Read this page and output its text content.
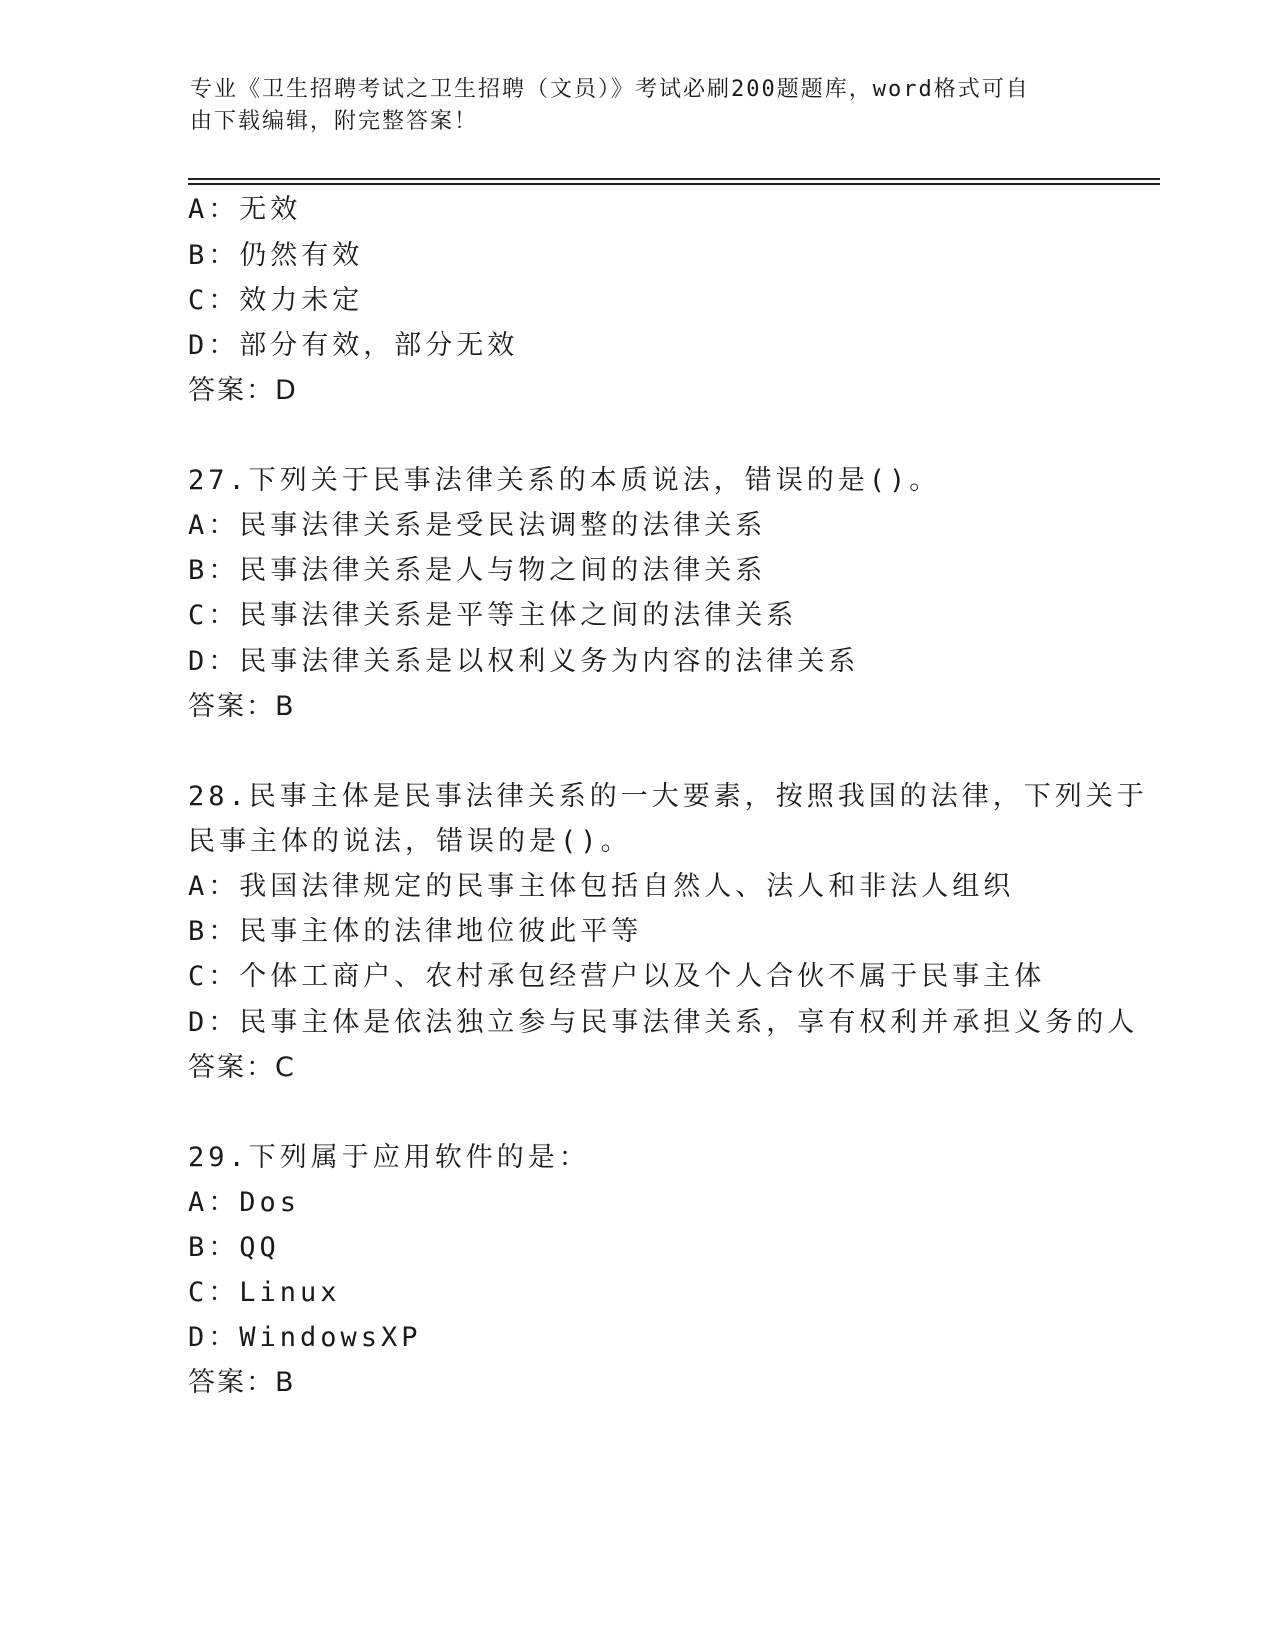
专业《卫生招聘考试之卫生招聘（文员）》考试必刷200题题库，word格式可自
由下载编辑，附完整答案！
A：无效
B：仍然有效
C：效力未定
D：部分有效，部分无效
答案：D
27.下列关于民事法律关系的本质说法，错误的是()。
A：民事法律关系是受民法调整的法律关系
B：民事法律关系是人与物之间的法律关系
C：民事法律关系是平等主体之间的法律关系
D：民事法律关系是以权利义务为内容的法律关系
答案：B
28.民事主体是民事法律关系的一大要素，按照我国的法律，下列关于
民事主体的说法，错误的是()。
A：我国法律规定的民事主体包括自然人、法人和非法人组织
B：民事主体的法律地位彼此平等
C：个体工商户、农村承包经营户以及个人合伙不属于民事主体
D：民事主体是依法独立参与民事法律关系，享有权利并承担义务的人
答案：C
29.下列属于应用软件的是：
A：Dos
B：QQ
C：Linux
D：WindowsXP
答案：B
